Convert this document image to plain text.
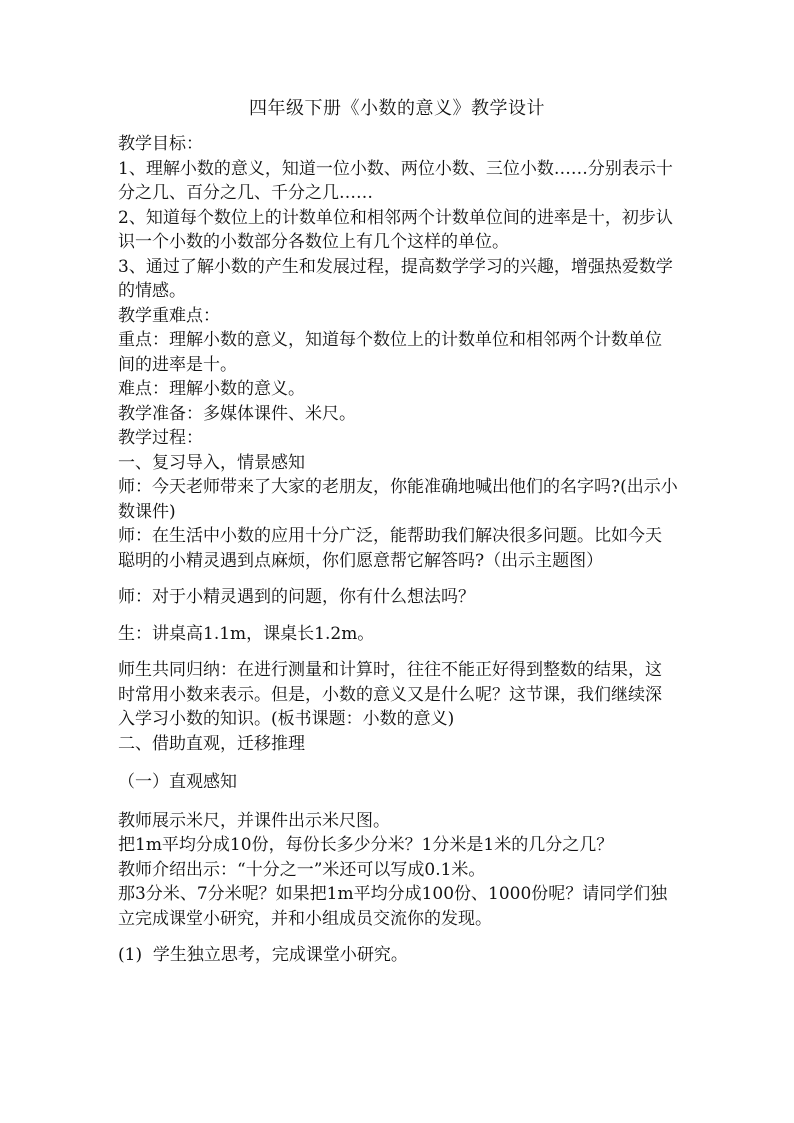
四年级下册《小数的意义》教学设计

教学目标：

1、理解小数的意义，知道一位小数、两位小数、三位小数……分别表示十分之几、百分之几、千分之几……

2、知道每个数位上的计数单位和相邻两个计数单位间的进率是十，初步认识一个小数的小数部分各数位上有几个这样的单位。

3、通过了解小数的产生和发展过程，提高数学学习的兴趣，增强热爱数学的情感。

教学重难点：

重点：理解小数的意义，知道每个数位上的计数单位和相邻两个计数单位间的进率是十。

难点：理解小数的意义。

教学准备：多媒体课件、米尺。

教学过程：

一、复习导入，情景感知

师：今天老师带来了大家的老朋友，你能准确地喊出他们的名字吗?(出示小数课件)

师：在生活中小数的应用十分广泛，能帮助我们解决很多问题。比如今天聪明的小精灵遇到点麻烦，你们愿意帮它解答吗?（出示主题图）

师：对于小精灵遇到的问题，你有什么想法吗？

生：讲桌高1.1m，课桌长1.2m。

师生共同归纳：在进行测量和计算时，往往不能正好得到整数的结果，这时常用小数来表示。但是，小数的意义又是什么呢？这节课，我们继续深入学习小数的知识。(板书课题：小数的意义)

二、借助直观，迁移推理

（一）直观感知

教师展示米尺，并课件出示米尺图。

把1m平均分成10份，每份长多少分米？1分米是1米的几分之几？

教师介绍出示：“十分之一”米还可以写成0.1米。

那3分米、7分米呢？如果把1m平均分成100份、1000份呢？请同学们独立完成课堂小研究，并和小组成员交流你的发现。

(1)  学生独立思考，完成课堂小研究。
